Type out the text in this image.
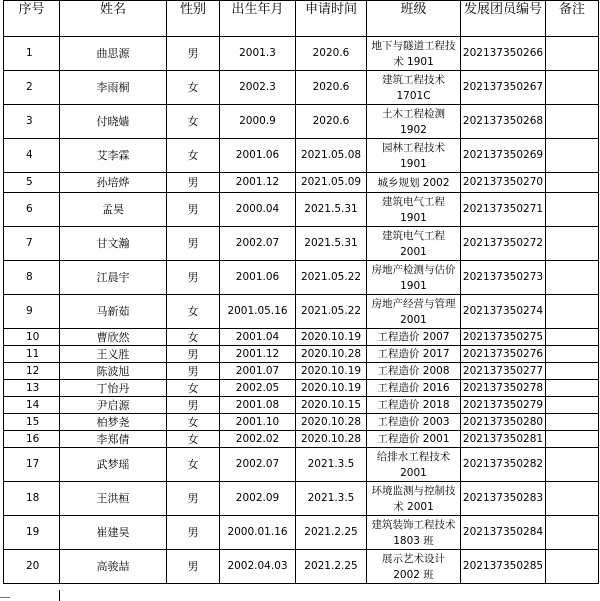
序号	姓名	性别	出生年月	申请时间	班级	发展团员编号	备注
1	曲思源	男	2001.3	2020.6	地下与隧道工程技术 1901	202137350266	
2	李雨桐	女	2002.3	2020.6	建筑工程技术 1701C	202137350267	
3	付晓嫱	女	2000.9	2020.6	土木工程检测 1902	202137350268	
4	艾李霖	女	2001.06	2021.05.08	园林工程技术 1901	202137350269	
5	孙培烨	男	2001.12	2021.05.09	城乡规划 2002	202137350270	
6	孟昊	男	2000.04	2021.5.31	建筑电气工程 1901	202137350271	
7	甘文瀚	男	2002.07	2021.5.31	建筑电气工程 2001	202137350272	
8	江晨宇	男	2001.06	2021.05.22	房地产检测与估价 1901	202137350273	
9	马新茹	女	2001.05.16	2021.05.22	房地产经营与管理 2001	202137350274	
10	曹欣然	女	2001.04	2020.10.19	工程造价 2007	202137350275	
11	王义胜	男	2001.12	2020.10.28	工程造价 2017	202137350276	
12	陈波旭	男	2001.07	2020.10.19	工程造价 2008	202137350277	
13	丁怡丹	女	2002.05	2020.10.19	工程造价 2016	202137350278	
14	尹启源	男	2001.08	2020.10.15	工程造价 2018	202137350279	
15	柏梦尧	女	2001.10	2020.10.28	工程造价 2003	202137350280	
16	李郑倩	女	2002.02	2020.10.28	工程造价 2001	202137350281	
17	武梦瑶	女	2002.07	2021.3.5	给排水工程技术 2001	202137350282	
18	王洪桓	男	2002.09	2021.3.5	环境监测与控制技术 2001	202137350283	
19	崔建昊	男	2000.01.16	2021.2.25	建筑装饰工程技术 1803 班	202137350284	
20	高骏喆	男	2002.04.03	2021.2.25	展示艺术设计 2002 班	202137350285	
